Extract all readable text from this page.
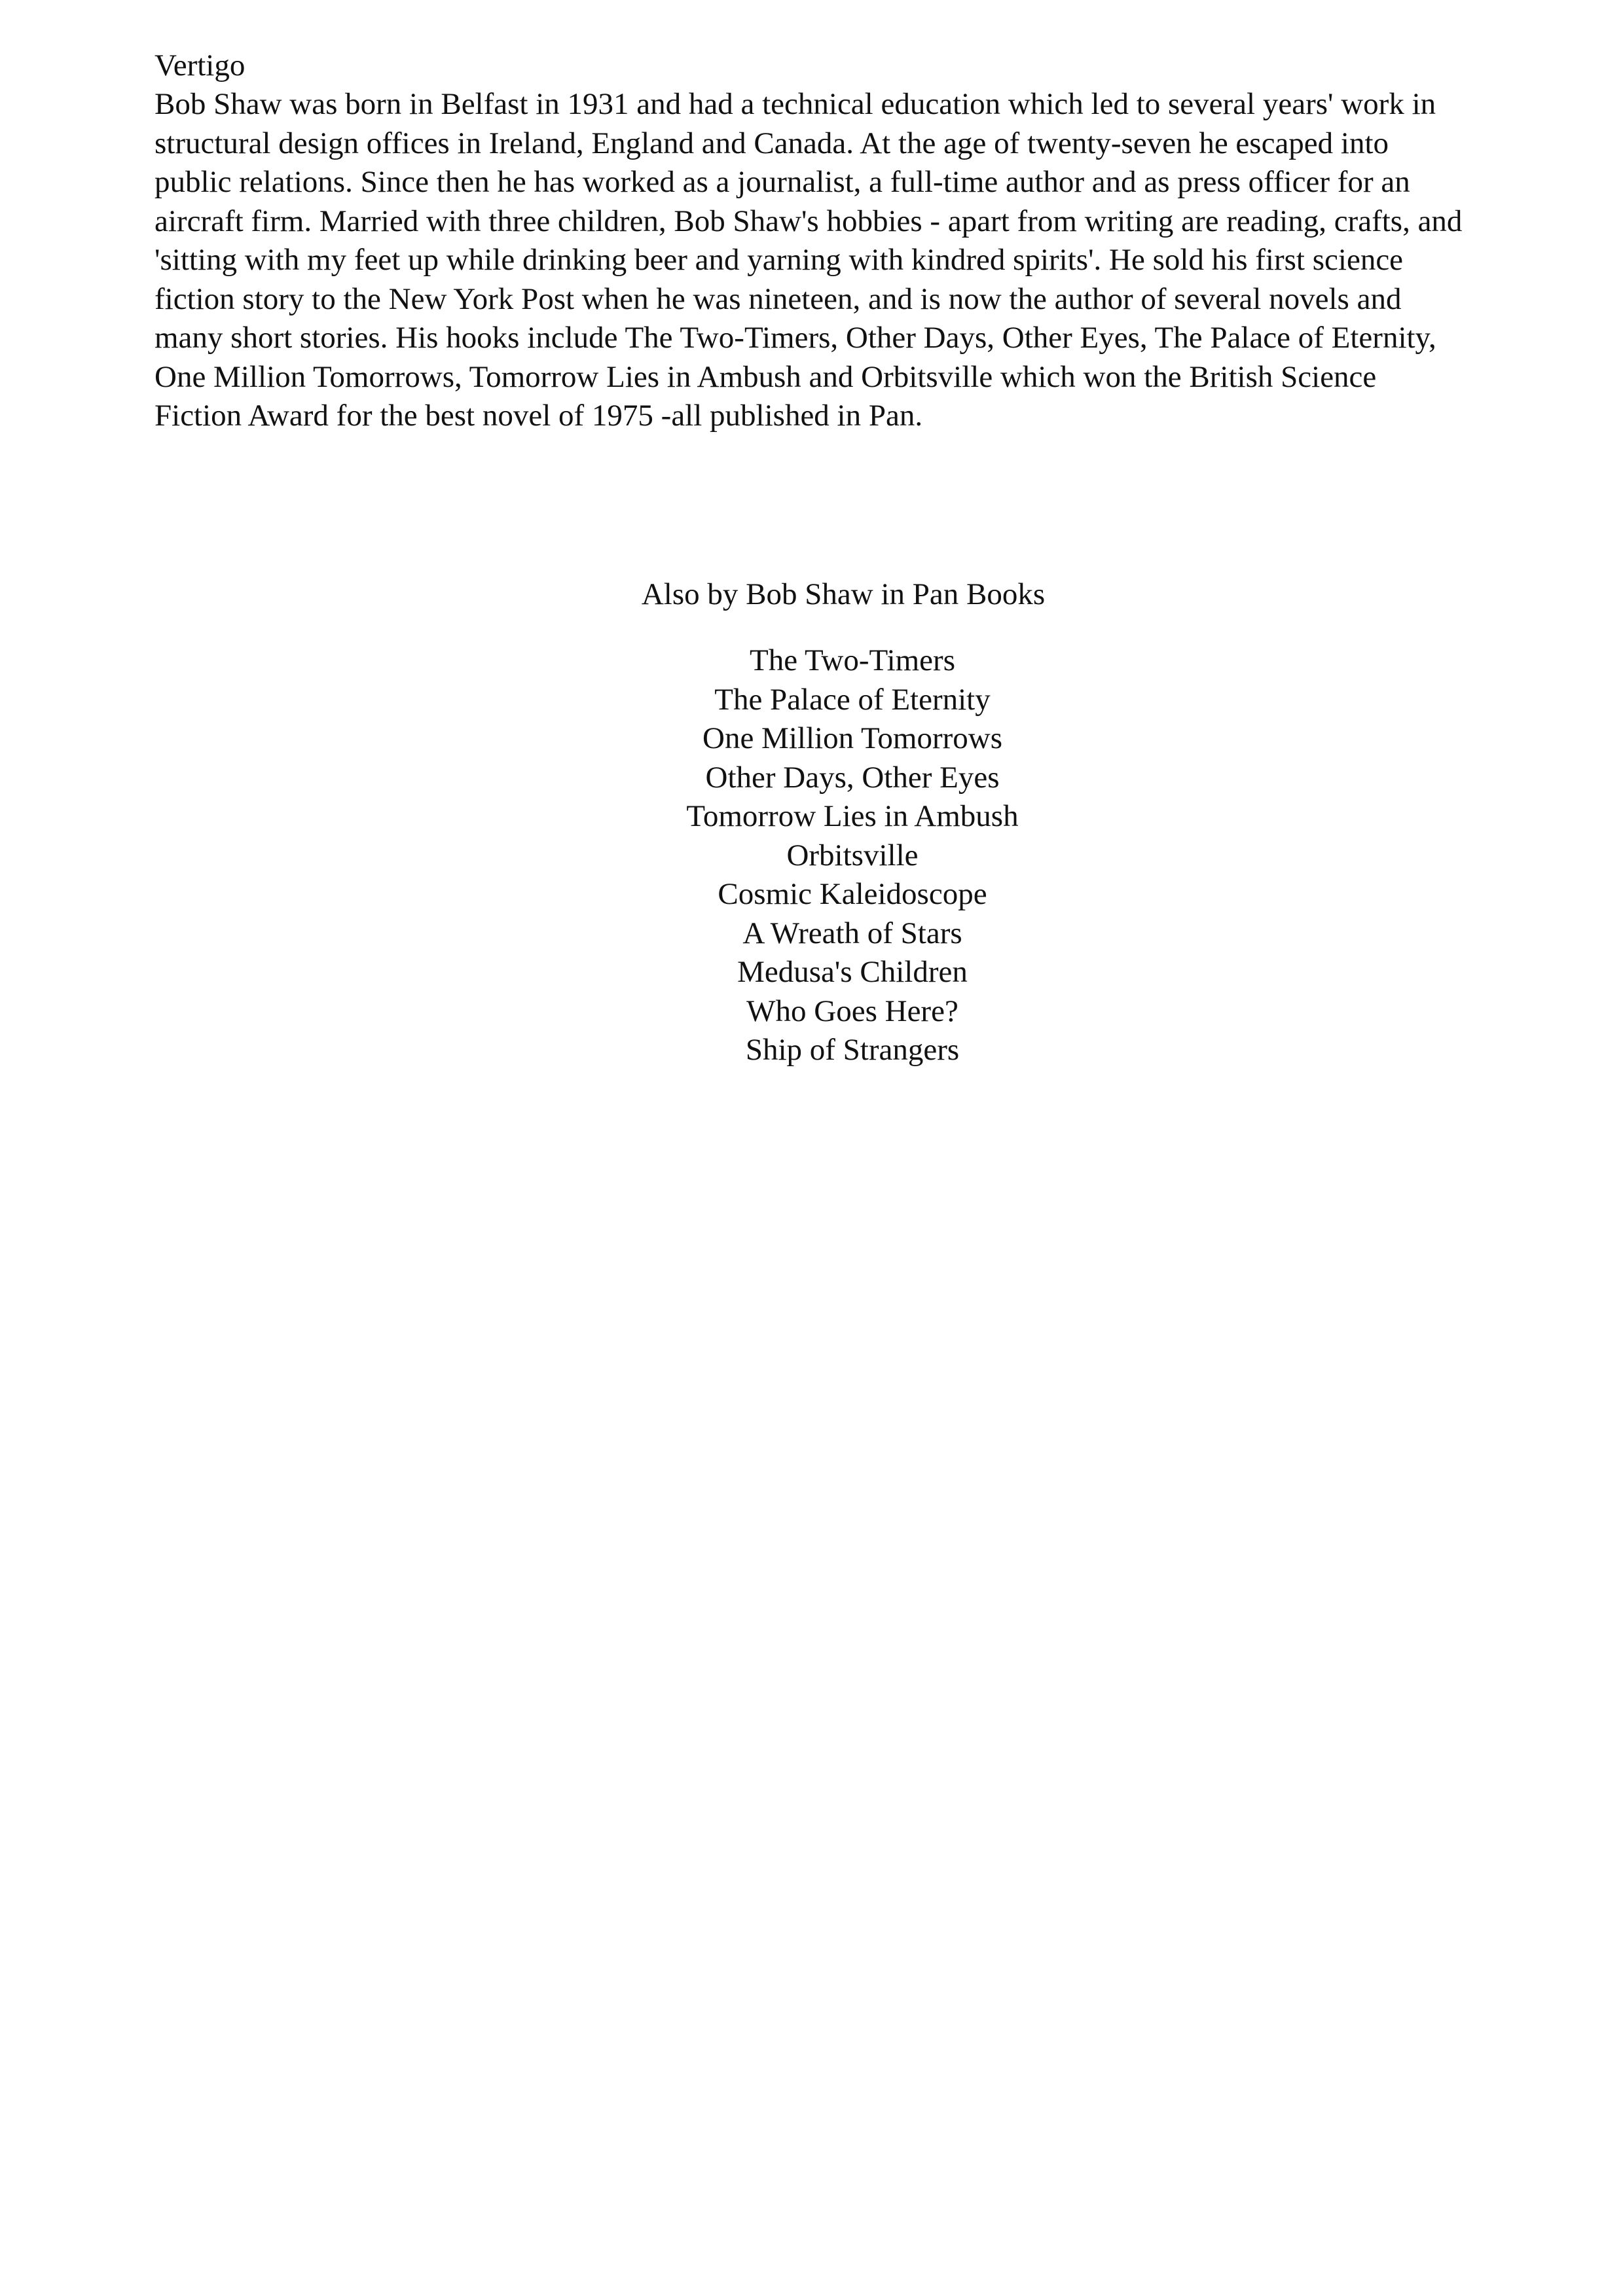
Vertigo

Bob Shaw was born in Belfast in 1931 and had a technical education which led to several years' work in structural design offices in Ireland, England and Canada. At the age of twenty-seven he escaped into public relations. Since then he has worked as a journalist, a full-time author and as press officer for an aircraft firm. Married with three children, Bob Shaw's hobbies - apart from writing are reading, crafts, and 'sitting with my feet up while drinking beer and yarning with kindred spirits'. He sold his first science fiction story to the New York Post when he was nineteen, and is now the author of several novels and many short stories. His hooks include The Two-Timers, Other Days, Other Eyes, The Palace of Eternity, One Million Tomorrows, Tomorrow Lies in Ambush and Orbitsville which won the British Science Fiction Award for the best novel of 1975 -all published in Pan.

Also by Bob Shaw in Pan Books
The Two-Timers
The Palace of Eternity
One Million Tomorrows
Other Days, Other Eyes
Tomorrow Lies in Ambush
Orbitsville
Cosmic Kaleidoscope
A Wreath of Stars
Medusa's Children
Who Goes Here?
Ship of Strangers
